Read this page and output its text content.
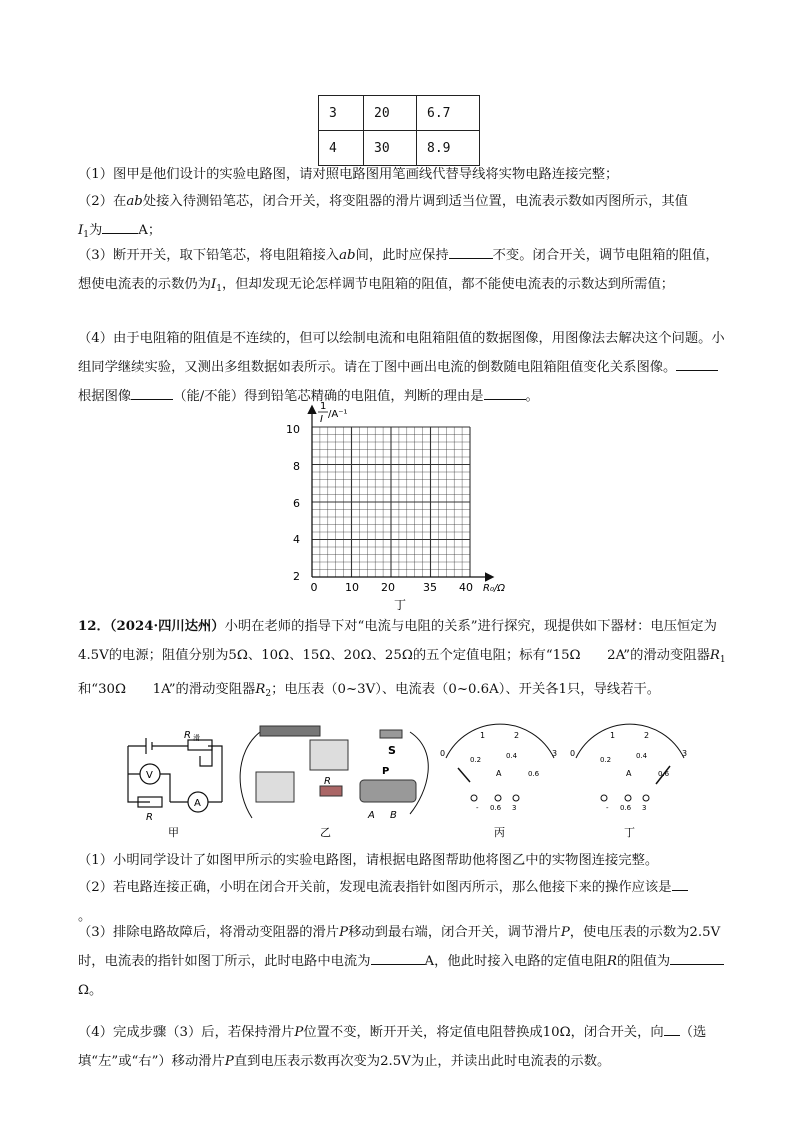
3	20	6.7
4	30	8.9

（1）图甲是他们设计的实验电路图，请对照电路图用笔画线代替导线将实物电路连接完整；

（2）在ab处接入待测铅笔芯，闭合开关，将变阻器的滑片调到适当位置，电流表示数如丙图所示，其值
$I_1$为	A；

（3）断开开关，取下铅笔芯，将电阻箱接入ab间，此时应保持	不变。闭合开关，调节电阻箱的阻值，想使电流表的示数仍为$I_1$，但却发现无论怎样调节电阻箱的阻值，都不能使电流表的示数达到所需值；

（4）由于电阻箱的阻值是不连续的，但可以绘制电流和电阻箱阻值的数据图像，用图像法去解决这个问题。小组同学继续实验，又测出多组数据如表所示。请在丁图中画出电流的倒数随电阻箱阻值变化关系图像。根据图像	（能/不能）得到铅笔芯精确的电阻值，判断的理由是	。

1
I /A⁻¹
10
8
6
4
2
0	10 20	35 40 R₀/Ω
丁

12．（2024·四川达州）小明在老师的指导下对“电流与电阻的关系”进行探究，现提供如下器材：电压恒定为4.5V的电源；阻值分别为5Ω、10Ω、15Ω、20Ω、25Ω的五个定值电阻；标有“15Ω　　2A”的滑动变阻器$R_1$和“30Ω　　1A”的滑动变阻器$R_2$；电压表（0~3V）、电流表（0~0.6A）、开关各1只，导线若干。

R 滑
V
A
R
甲
S
P
R
A B
乙
0
1	2
3
0.2	0.4
0.6
A
- 0.6 3
丙
0
1	2
3
0.2	0.4
0.6
A
- 0.6 3
丁

（1）小明同学设计了如图甲所示的实验电路图，请根据电路图帮助他将图乙中的实物图连接完整。

（2）若电路连接正确，小明在闭合开关前，发现电流表指针如图丙所示，那么他接下来的操作应该是
。

（3）排除电路故障后，将滑动变阻器的滑片P移动到最右端，闭合开关，调节滑片P，使电压表的示数为2.5V时，电流表的指针如图丁所示，此时电路中电流为	A，他此时接入电路的定值电阻R的阻值为Ω。

（4）完成步骤（3）后，若保持滑片P位置不变，断开开关，将定值电阻替换成10Ω，闭合开关，向 （选填“左”或“右”）移动滑片P直到电压表示数再次变为2.5V为止，并读出此时电流表的示数。
